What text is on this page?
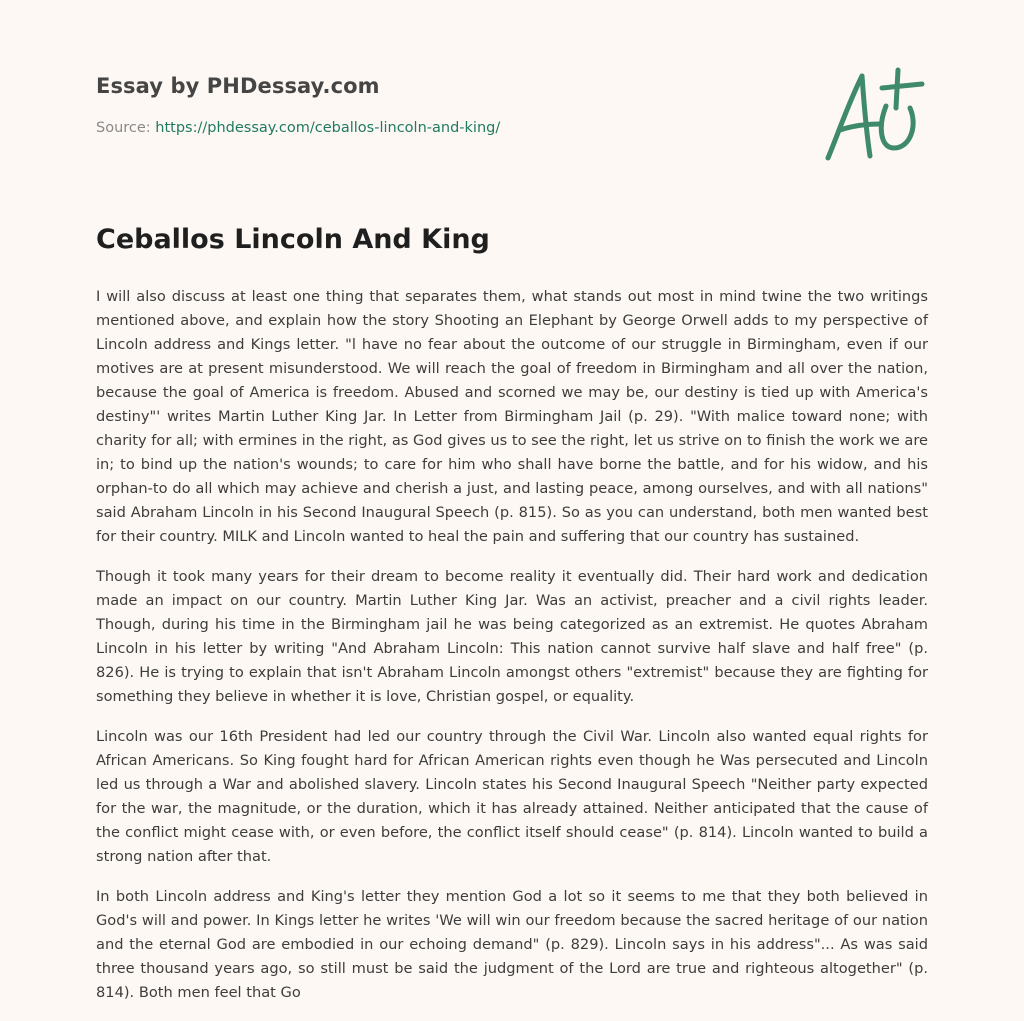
Essay by PHDessay.com
Source: https://phdessay.com/ceballos-lincoln-and-king/
Ceballos Lincoln And King

I will also discuss at least one thing that separates them, what stands out most in mind twine the two writings mentioned above, and explain how the story Shooting an Elephant by George Orwell adds to my perspective of Lincoln address and Kings letter. "l have no fear about the outcome of our struggle in Birmingham, even if our motives are at present misunderstood. We will reach the goal of freedom in Birmingham and all over the nation, because the goal of America is freedom. Abused and scorned we may be, our destiny is tied up with America's destiny"' writes Martin Luther King Jar. In Letter from Birmingham Jail (p. 29). "With malice toward none; with charity for all; with ermines in the right, as God gives us to see the right, let us strive on to finish the work we are in; to bind up the nation's wounds; to care for him who shall have borne the battle, and for his widow, and his orphan-to do all which may achieve and cherish a just, and lasting peace, among ourselves, and with all nations" said Abraham Lincoln in his Second Inaugural Speech (p. 815). So as you can understand, both men wanted best for their country. MILK and Lincoln wanted to heal the pain and suffering that our country has sustained.

Though it took many years for their dream to become reality it eventually did. Their hard work and dedication made an impact on our country. Martin Luther King Jar. Was an activist, preacher and a civil rights leader. Though, during his time in the Birmingham jail he was being categorized as an extremist. He quotes Abraham Lincoln in his letter by writing "And Abraham Lincoln: This nation cannot survive half slave and half free" (p. 826). He is trying to explain that isn't Abraham Lincoln amongst others "extremist" because they are fighting for something they believe in whether it is love, Christian gospel, or equality.

Lincoln was our 16th President had led our country through the Civil War. Lincoln also wanted equal rights for African Americans. So King fought hard for African American rights even though he Was persecuted and Lincoln led us through a War and abolished slavery. Lincoln states his Second Inaugural Speech "Neither party expected for the war, the magnitude, or the duration, which it has already attained. Neither anticipated that the cause of the conflict might cease with, or even before, the conflict itself should cease" (p. 814). Lincoln wanted to build a strong nation after that.

In both Lincoln address and King's letter they mention God a lot so it seems to me that they both believed in God's will and power. In Kings letter he writes 'We will win our freedom because the sacred heritage of our nation and the eternal God are embodied in our echoing demand" (p. 829). Lincoln says in his address"... As was said three thousand years ago, so still must be said the judgment of the Lord are true and righteous altogether" (p. 814). Both men feel that Go
